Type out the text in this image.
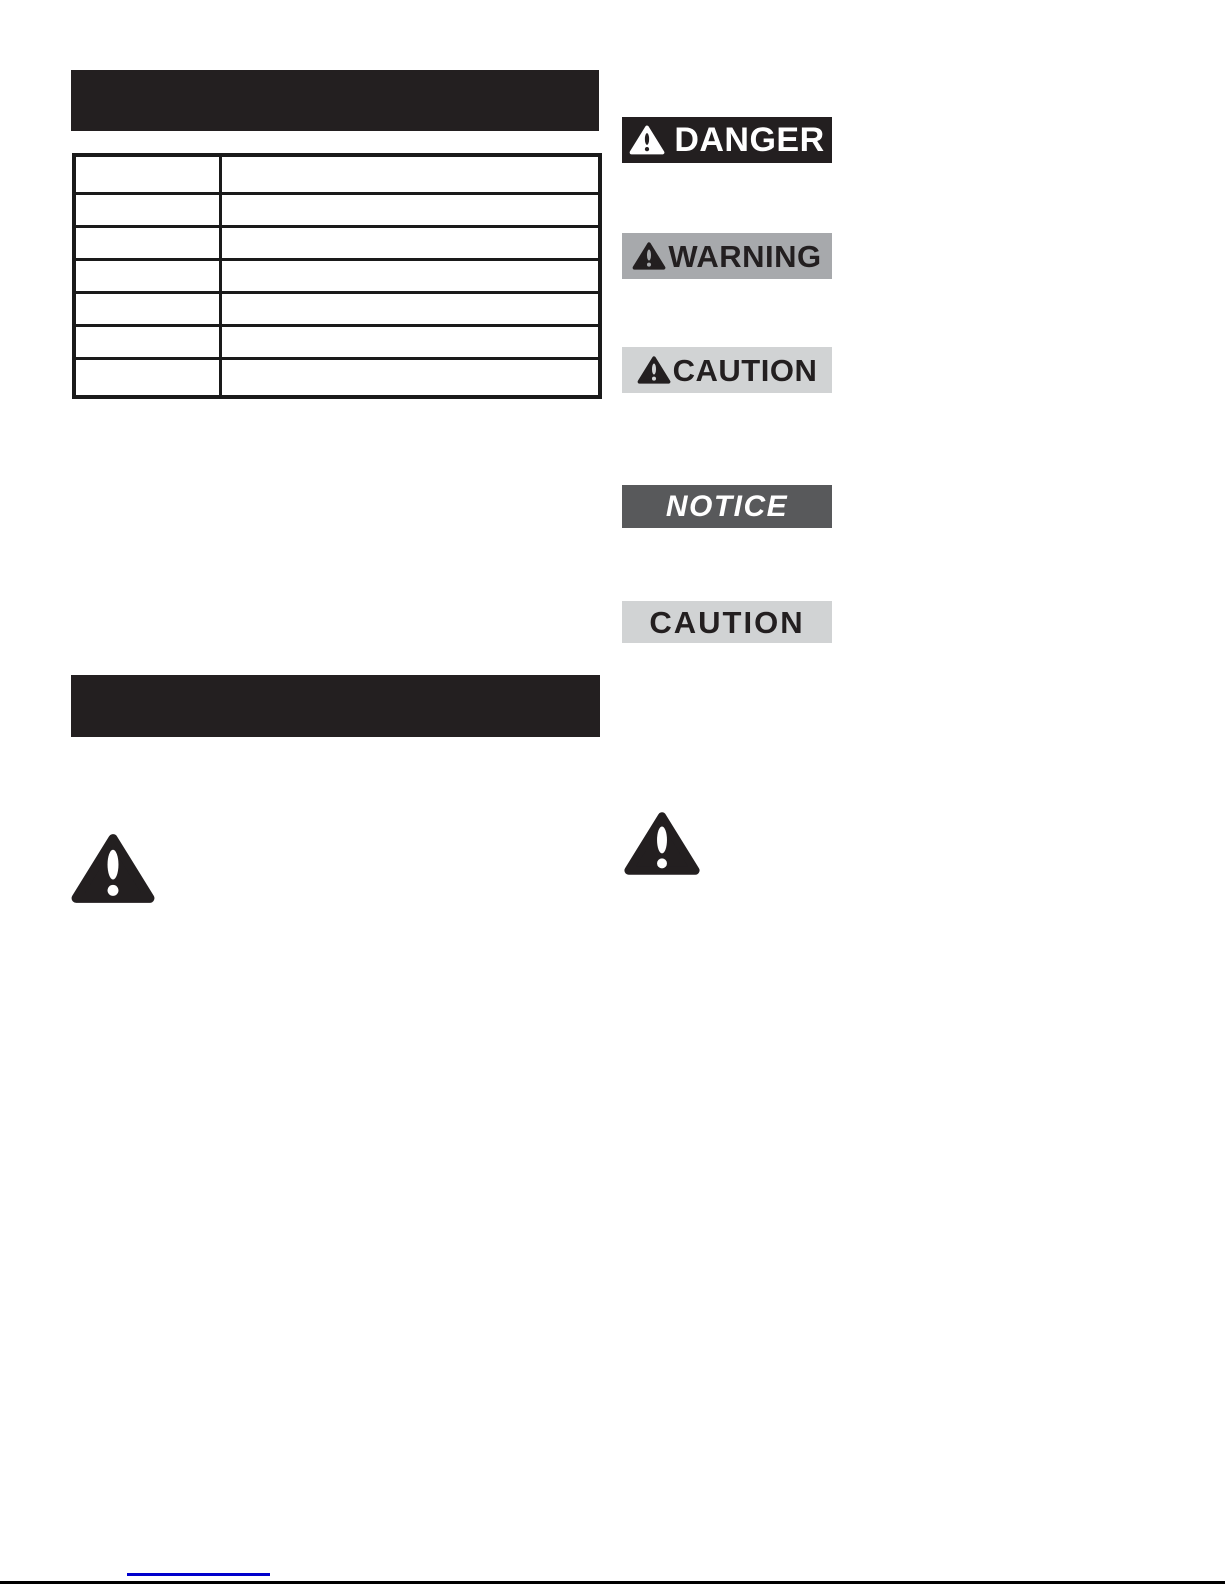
DANGER
WARNING
CAUTION
NOTICE
CAUTION
